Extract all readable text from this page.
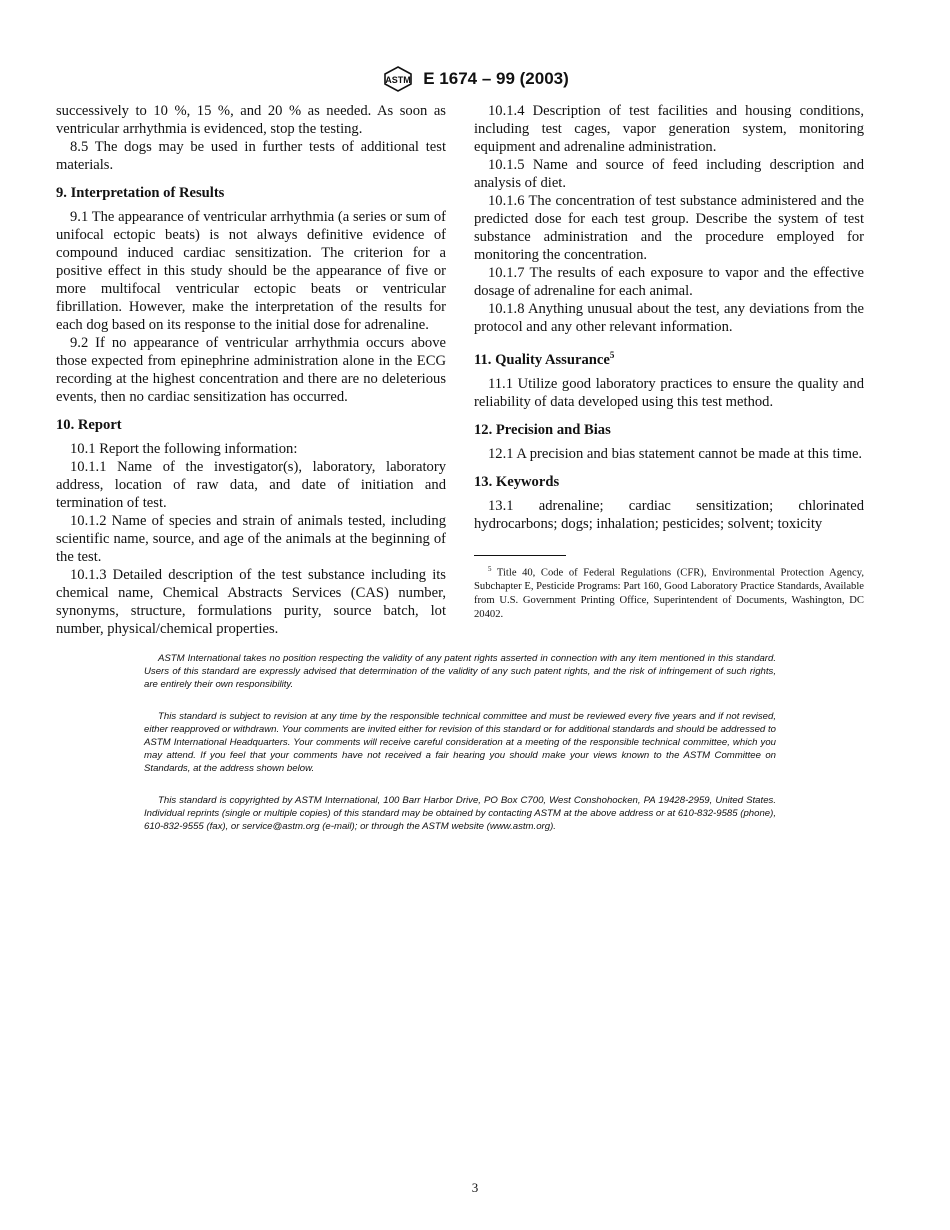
ASTM E 1674 – 99 (2003)

successively to 10 %, 15 %, and 20 % as needed. As soon as ventricular arrhythmia is evidenced, stop the testing.

8.5 The dogs may be used in further tests of additional test materials.

9. Interpretation of Results

9.1 The appearance of ventricular arrhythmia (a series or sum of unifocal ectopic beats) is not always definitive evidence of compound induced cardiac sensitization. The criterion for a positive effect in this study should be the appearance of five or more multifocal ventricular ectopic beats or ventricular fibrillation. However, make the interpretation of the results for each dog based on its response to the initial dose for adrenaline.

9.2 If no appearance of ventricular arrhythmia occurs above those expected from epinephrine administration alone in the ECG recording at the highest concentration and there are no deleterious events, then no cardiac sensitization has occurred.

10. Report

10.1 Report the following information:

10.1.1 Name of the investigator(s), laboratory, laboratory address, location of raw data, and date of initiation and termination of test.

10.1.2 Name of species and strain of animals tested, including scientific name, source, and age of the animals at the beginning of the test.

10.1.3 Detailed description of the test substance including its chemical name, Chemical Abstracts Services (CAS) number, synonyms, structure, formulations purity, source batch, lot number, physical/chemical properties.

10.1.4 Description of test facilities and housing conditions, including test cages, vapor generation system, monitoring equipment and adrenaline administration.

10.1.5 Name and source of feed including description and analysis of diet.

10.1.6 The concentration of test substance administered and the predicted dose for each test group. Describe the system of test substance administration and the procedure employed for monitoring the concentration.

10.1.7 The results of each exposure to vapor and the effective dosage of adrenaline for each animal.

10.1.8 Anything unusual about the test, any deviations from the protocol and any other relevant information.

11. Quality Assurance$^5$

11.1 Utilize good laboratory practices to ensure the quality and reliability of data developed using this test method.

12. Precision and Bias

12.1 A precision and bias statement cannot be made at this time.

13. Keywords

13.1 adrenaline; cardiac sensitization; chlorinated hydrocarbons; dogs; inhalation; pesticides; solvent; toxicity

$^5$ Title 40, Code of Federal Regulations (CFR), Environmental Protection Agency, Subchapter E, Pesticide Programs: Part 160, Good Laboratory Practice Standards, Available from U.S. Government Printing Office, Superintendent of Documents, Washington, DC 20402.

ASTM International takes no position respecting the validity of any patent rights asserted in connection with any item mentioned in this standard. Users of this standard are expressly advised that determination of the validity of any such patent rights, and the risk of infringement of such rights, are entirely their own responsibility.

This standard is subject to revision at any time by the responsible technical committee and must be reviewed every five years and if not revised, either reapproved or withdrawn. Your comments are invited either for revision of this standard or for additional standards and should be addressed to ASTM International Headquarters. Your comments will receive careful consideration at a meeting of the responsible technical committee, which you may attend. If you feel that your comments have not received a fair hearing you should make your views known to the ASTM Committee on Standards, at the address shown below.

This standard is copyrighted by ASTM International, 100 Barr Harbor Drive, PO Box C700, West Conshohocken, PA 19428-2959, United States. Individual reprints (single or multiple copies) of this standard may be obtained by contacting ASTM at the above address or at 610-832-9585 (phone), 610-832-9555 (fax), or service@astm.org (e-mail); or through the ASTM website (www.astm.org).

3
